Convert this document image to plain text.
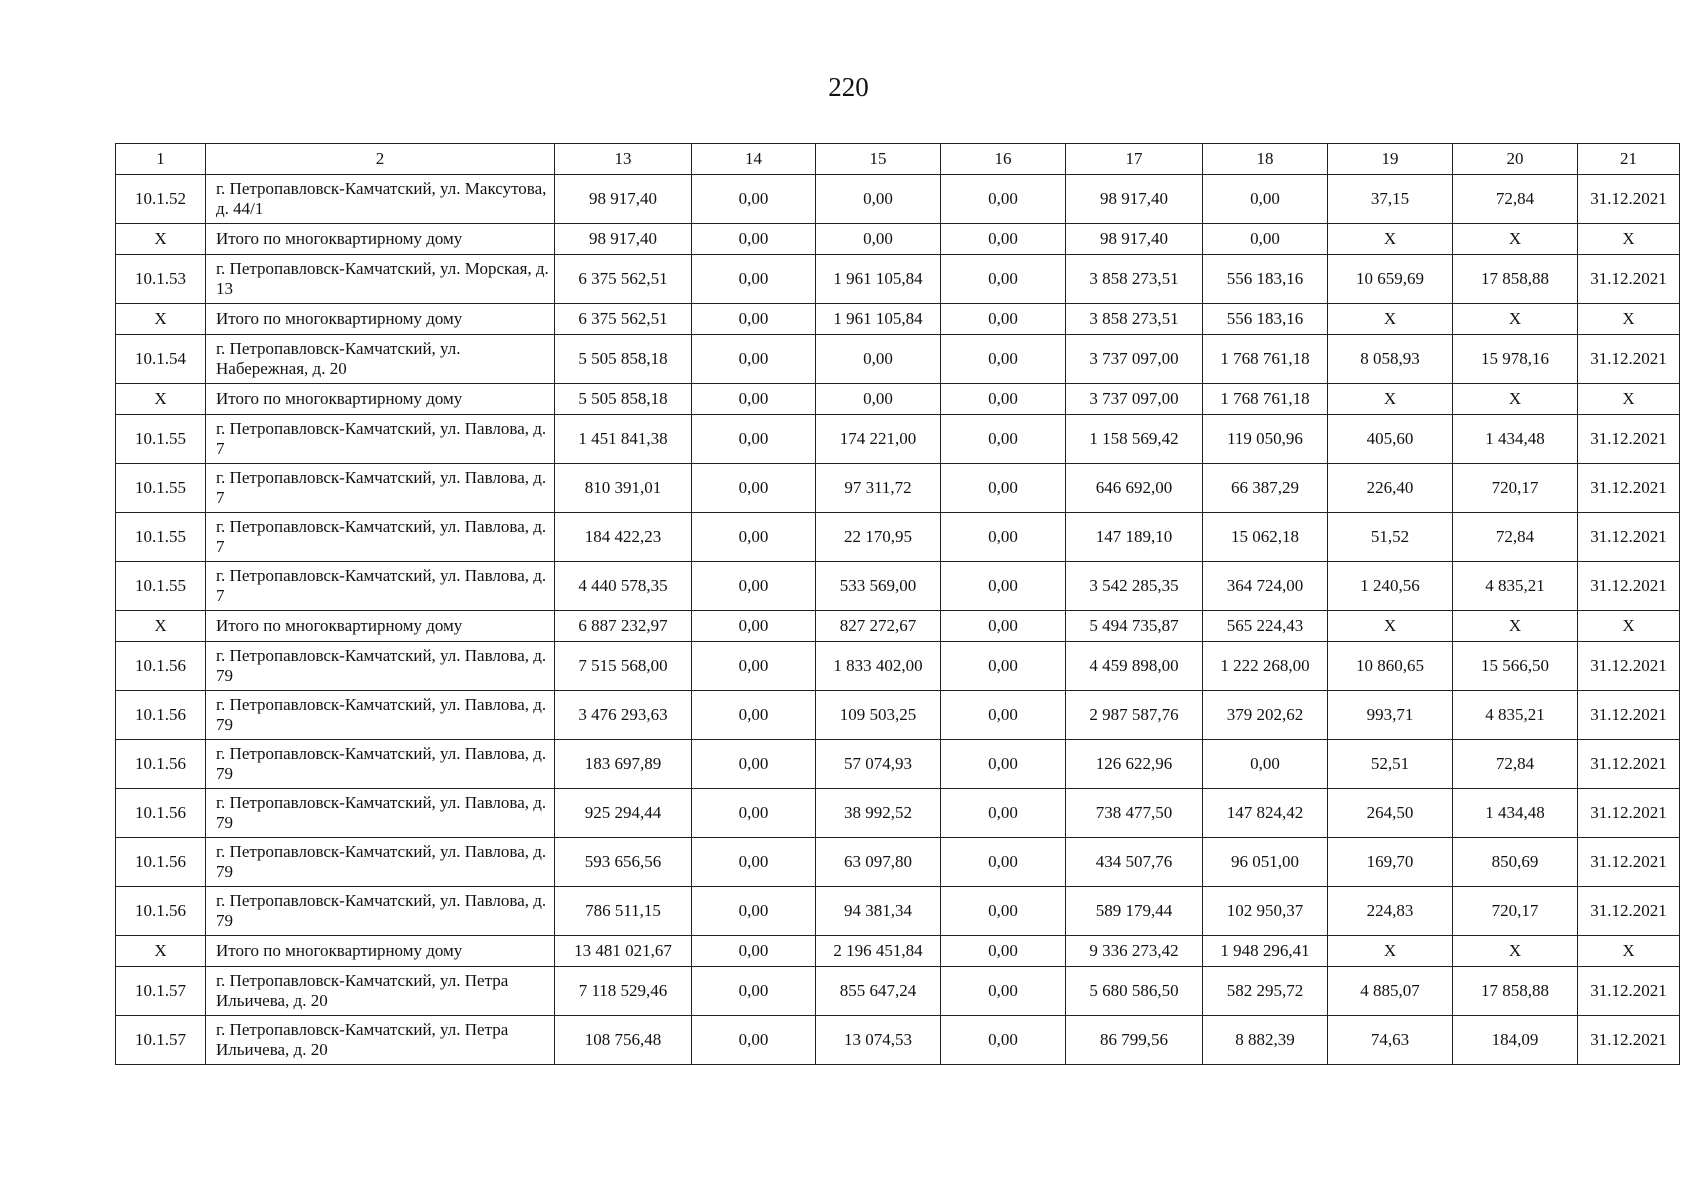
220
1	2	13	14	15	16	17	18	19	20	21
10.1.52	г. Петропавловск-Камчатский, ул. Максутова, д. 44/1	98 917,40	0,00	0,00	0,00	98 917,40	0,00	37,15	72,84	31.12.2021
X	Итого по многоквартирному дому	98 917,40	0,00	0,00	0,00	98 917,40	0,00	X	X	X
10.1.53	г. Петропавловск-Камчатский, ул. Морская, д. 13	6 375 562,51	0,00	1 961 105,84	0,00	3 858 273,51	556 183,16	10 659,69	17 858,88	31.12.2021
X	Итого по многоквартирному дому	6 375 562,51	0,00	1 961 105,84	0,00	3 858 273,51	556 183,16	X	X	X
10.1.54	г. Петропавловск-Камчатский, ул. Набережная, д. 20	5 505 858,18	0,00	0,00	0,00	3 737 097,00	1 768 761,18	8 058,93	15 978,16	31.12.2021
X	Итого по многоквартирному дому	5 505 858,18	0,00	0,00	0,00	3 737 097,00	1 768 761,18	X	X	X
10.1.55	г. Петропавловск-Камчатский, ул. Павлова, д. 7	1 451 841,38	0,00	174 221,00	0,00	1 158 569,42	119 050,96	405,60	1 434,48	31.12.2021
10.1.55	г. Петропавловск-Камчатский, ул. Павлова, д. 7	810 391,01	0,00	97 311,72	0,00	646 692,00	66 387,29	226,40	720,17	31.12.2021
10.1.55	г. Петропавловск-Камчатский, ул. Павлова, д. 7	184 422,23	0,00	22 170,95	0,00	147 189,10	15 062,18	51,52	72,84	31.12.2021
10.1.55	г. Петропавловск-Камчатский, ул. Павлова, д. 7	4 440 578,35	0,00	533 569,00	0,00	3 542 285,35	364 724,00	1 240,56	4 835,21	31.12.2021
X	Итого по многоквартирному дому	6 887 232,97	0,00	827 272,67	0,00	5 494 735,87	565 224,43	X	X	X
10.1.56	г. Петропавловск-Камчатский, ул. Павлова, д. 79	7 515 568,00	0,00	1 833 402,00	0,00	4 459 898,00	1 222 268,00	10 860,65	15 566,50	31.12.2021
10.1.56	г. Петропавловск-Камчатский, ул. Павлова, д. 79	3 476 293,63	0,00	109 503,25	0,00	2 987 587,76	379 202,62	993,71	4 835,21	31.12.2021
10.1.56	г. Петропавловск-Камчатский, ул. Павлова, д. 79	183 697,89	0,00	57 074,93	0,00	126 622,96	0,00	52,51	72,84	31.12.2021
10.1.56	г. Петропавловск-Камчатский, ул. Павлова, д. 79	925 294,44	0,00	38 992,52	0,00	738 477,50	147 824,42	264,50	1 434,48	31.12.2021
10.1.56	г. Петропавловск-Камчатский, ул. Павлова, д. 79	593 656,56	0,00	63 097,80	0,00	434 507,76	96 051,00	169,70	850,69	31.12.2021
10.1.56	г. Петропавловск-Камчатский, ул. Павлова, д. 79	786 511,15	0,00	94 381,34	0,00	589 179,44	102 950,37	224,83	720,17	31.12.2021
X	Итого по многоквартирному дому	13 481 021,67	0,00	2 196 451,84	0,00	9 336 273,42	1 948 296,41	X	X	X
10.1.57	г. Петропавловск-Камчатский, ул. Петра Ильичева, д. 20	7 118 529,46	0,00	855 647,24	0,00	5 680 586,50	582 295,72	4 885,07	17 858,88	31.12.2021
10.1.57	г. Петропавловск-Камчатский, ул. Петра Ильичева, д. 20	108 756,48	0,00	13 074,53	0,00	86 799,56	8 882,39	74,63	184,09	31.12.2021
